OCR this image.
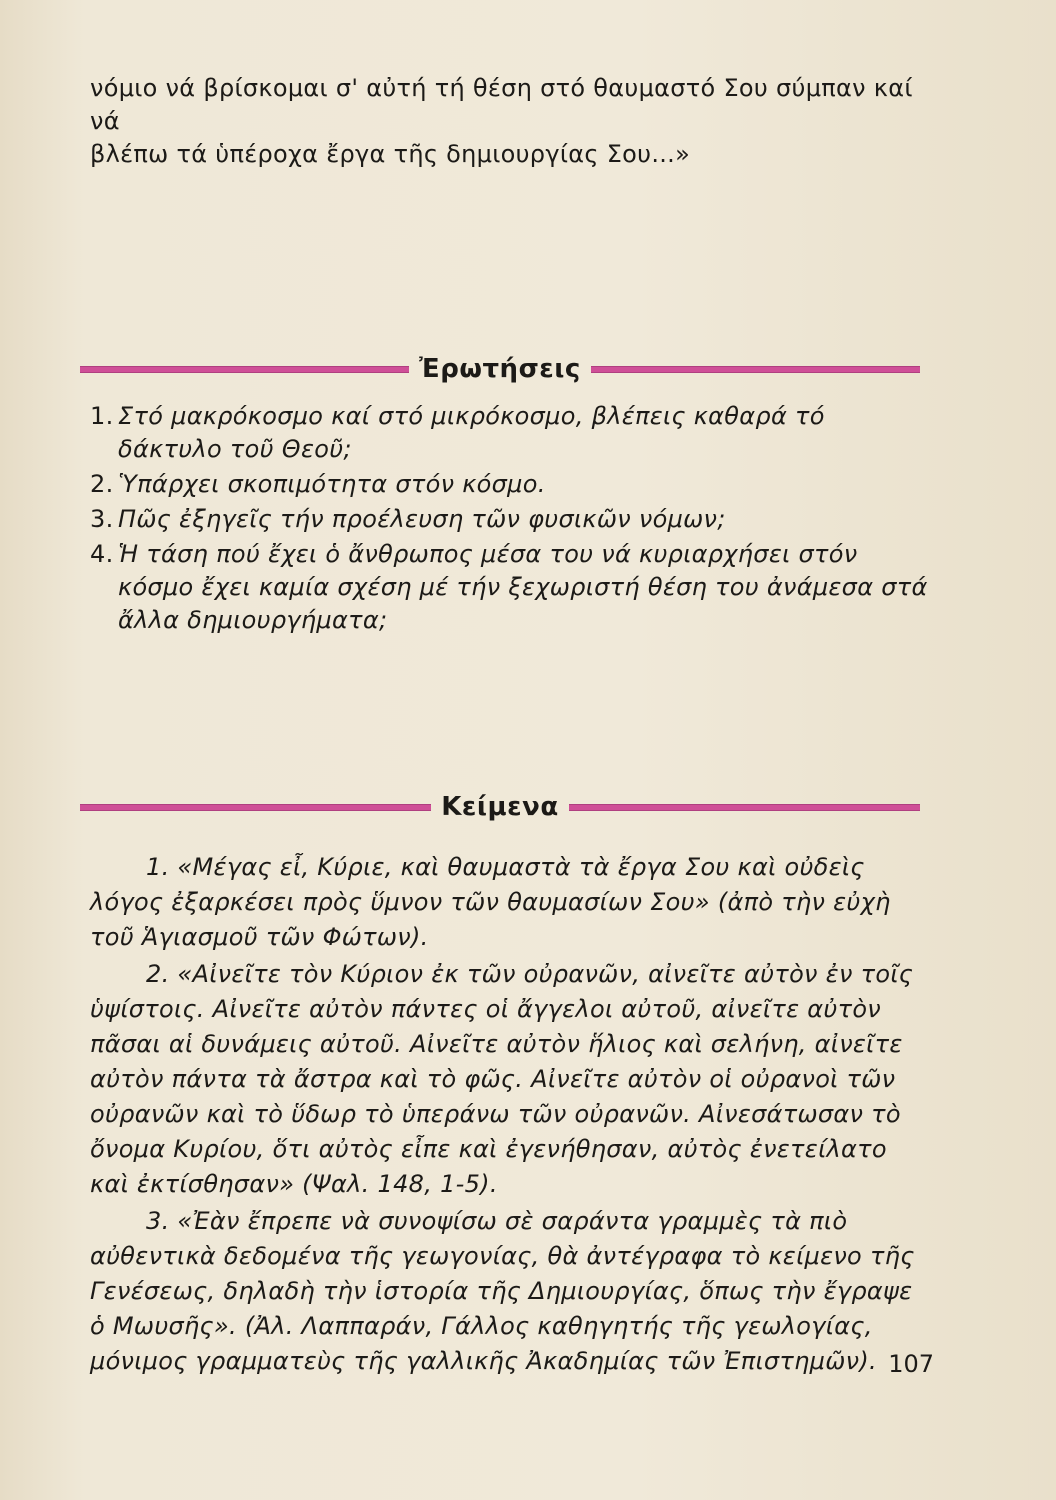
νόμιο νά βρίσκομαι σ' αὐτή τή θέση στό θαυμαστό Σου σύμπαν καί νά

βλέπω τά ὑπέροχα ἔργα τῆς δημιουργίας Σου...»

Ἐρωτήσεις
1. Στό μακρόκοσμο καί στό μικρόκοσμο, βλέπεις καθαρά τό δάκτυλο τοῦ Θεοῦ;
2. Ὑπάρχει σκοπιμότητα στόν κόσμο.
3. Πῶς ἐξηγεῖς τήν προέλευση τῶν φυσικῶν νόμων;
4. Ἡ τάση πού ἔχει ὁ ἄνθρωπος μέσα του νά κυριαρχήσει στόν κόσμο ἔχει καμία σχέση μέ τήν ξεχωριστή θέση του ἀνάμεσα στά ἄλλα δημιουργήματα;
Κείμενα

1. «Μέγας εἶ, Κύριε, καὶ θαυμαστὰ τὰ ἔργα Σου καὶ οὐδεὶς λόγος ἐξαρκέσει πρὸς ὕμνον τῶν θαυμασίων Σου» (ἀπὸ τὴν εὐχὴ τοῦ Ἁγιασμοῦ τῶν Φώτων).

2. «Αἰνεῖτε τὸν Κύριον ἐκ τῶν οὐρανῶν, αἰνεῖτε αὐτὸν ἐν τοῖς ὑψίστοις. Αἰνεῖτε αὐτὸν πάντες οἱ ἄγγελοι αὐτοῦ, αἰνεῖτε αὐτὸν πᾶσαι αἱ δυνάμεις αὐτοῦ. Αἰνεῖτε αὐτὸν ἥλιος καὶ σελήνη, αἰνεῖτε αὐτὸν πάντα τὰ ἄστρα καὶ τὸ φῶς. Αἰνεῖτε αὐτὸν οἱ οὐρανοὶ τῶν οὐρανῶν καὶ τὸ ὕδωρ τὸ ὑπεράνω τῶν οὐρανῶν. Αἰνεσάτωσαν τὸ ὄνομα Κυρίου, ὅτι αὐτὸς εἶπε καὶ ἐγενήθησαν, αὐτὸς ἐνετείλατο καὶ ἐκτίσθησαν» (Ψαλ. 148, 1-5).

3. «Ἐὰν ἔπρεπε νὰ συνοψίσω σὲ σαράντα γραμμὲς τὰ πιὸ αὐθεντικὰ δεδομένα τῆς γεωγονίας, θὰ ἀντέγραφα τὸ κείμενο τῆς Γενέσεως, δηλαδὴ τὴν ἱστορία τῆς Δημιουργίας, ὅπως τὴν ἔγραψε ὁ Μωυσῆς». (Ἀλ. Λαππαράν, Γάλλος καθηγητής τῆς γεωλογίας, μόνιμος γραμματεὺς τῆς γαλλικῆς Ἀκαδημίας τῶν Ἐπιστημῶν). 107
